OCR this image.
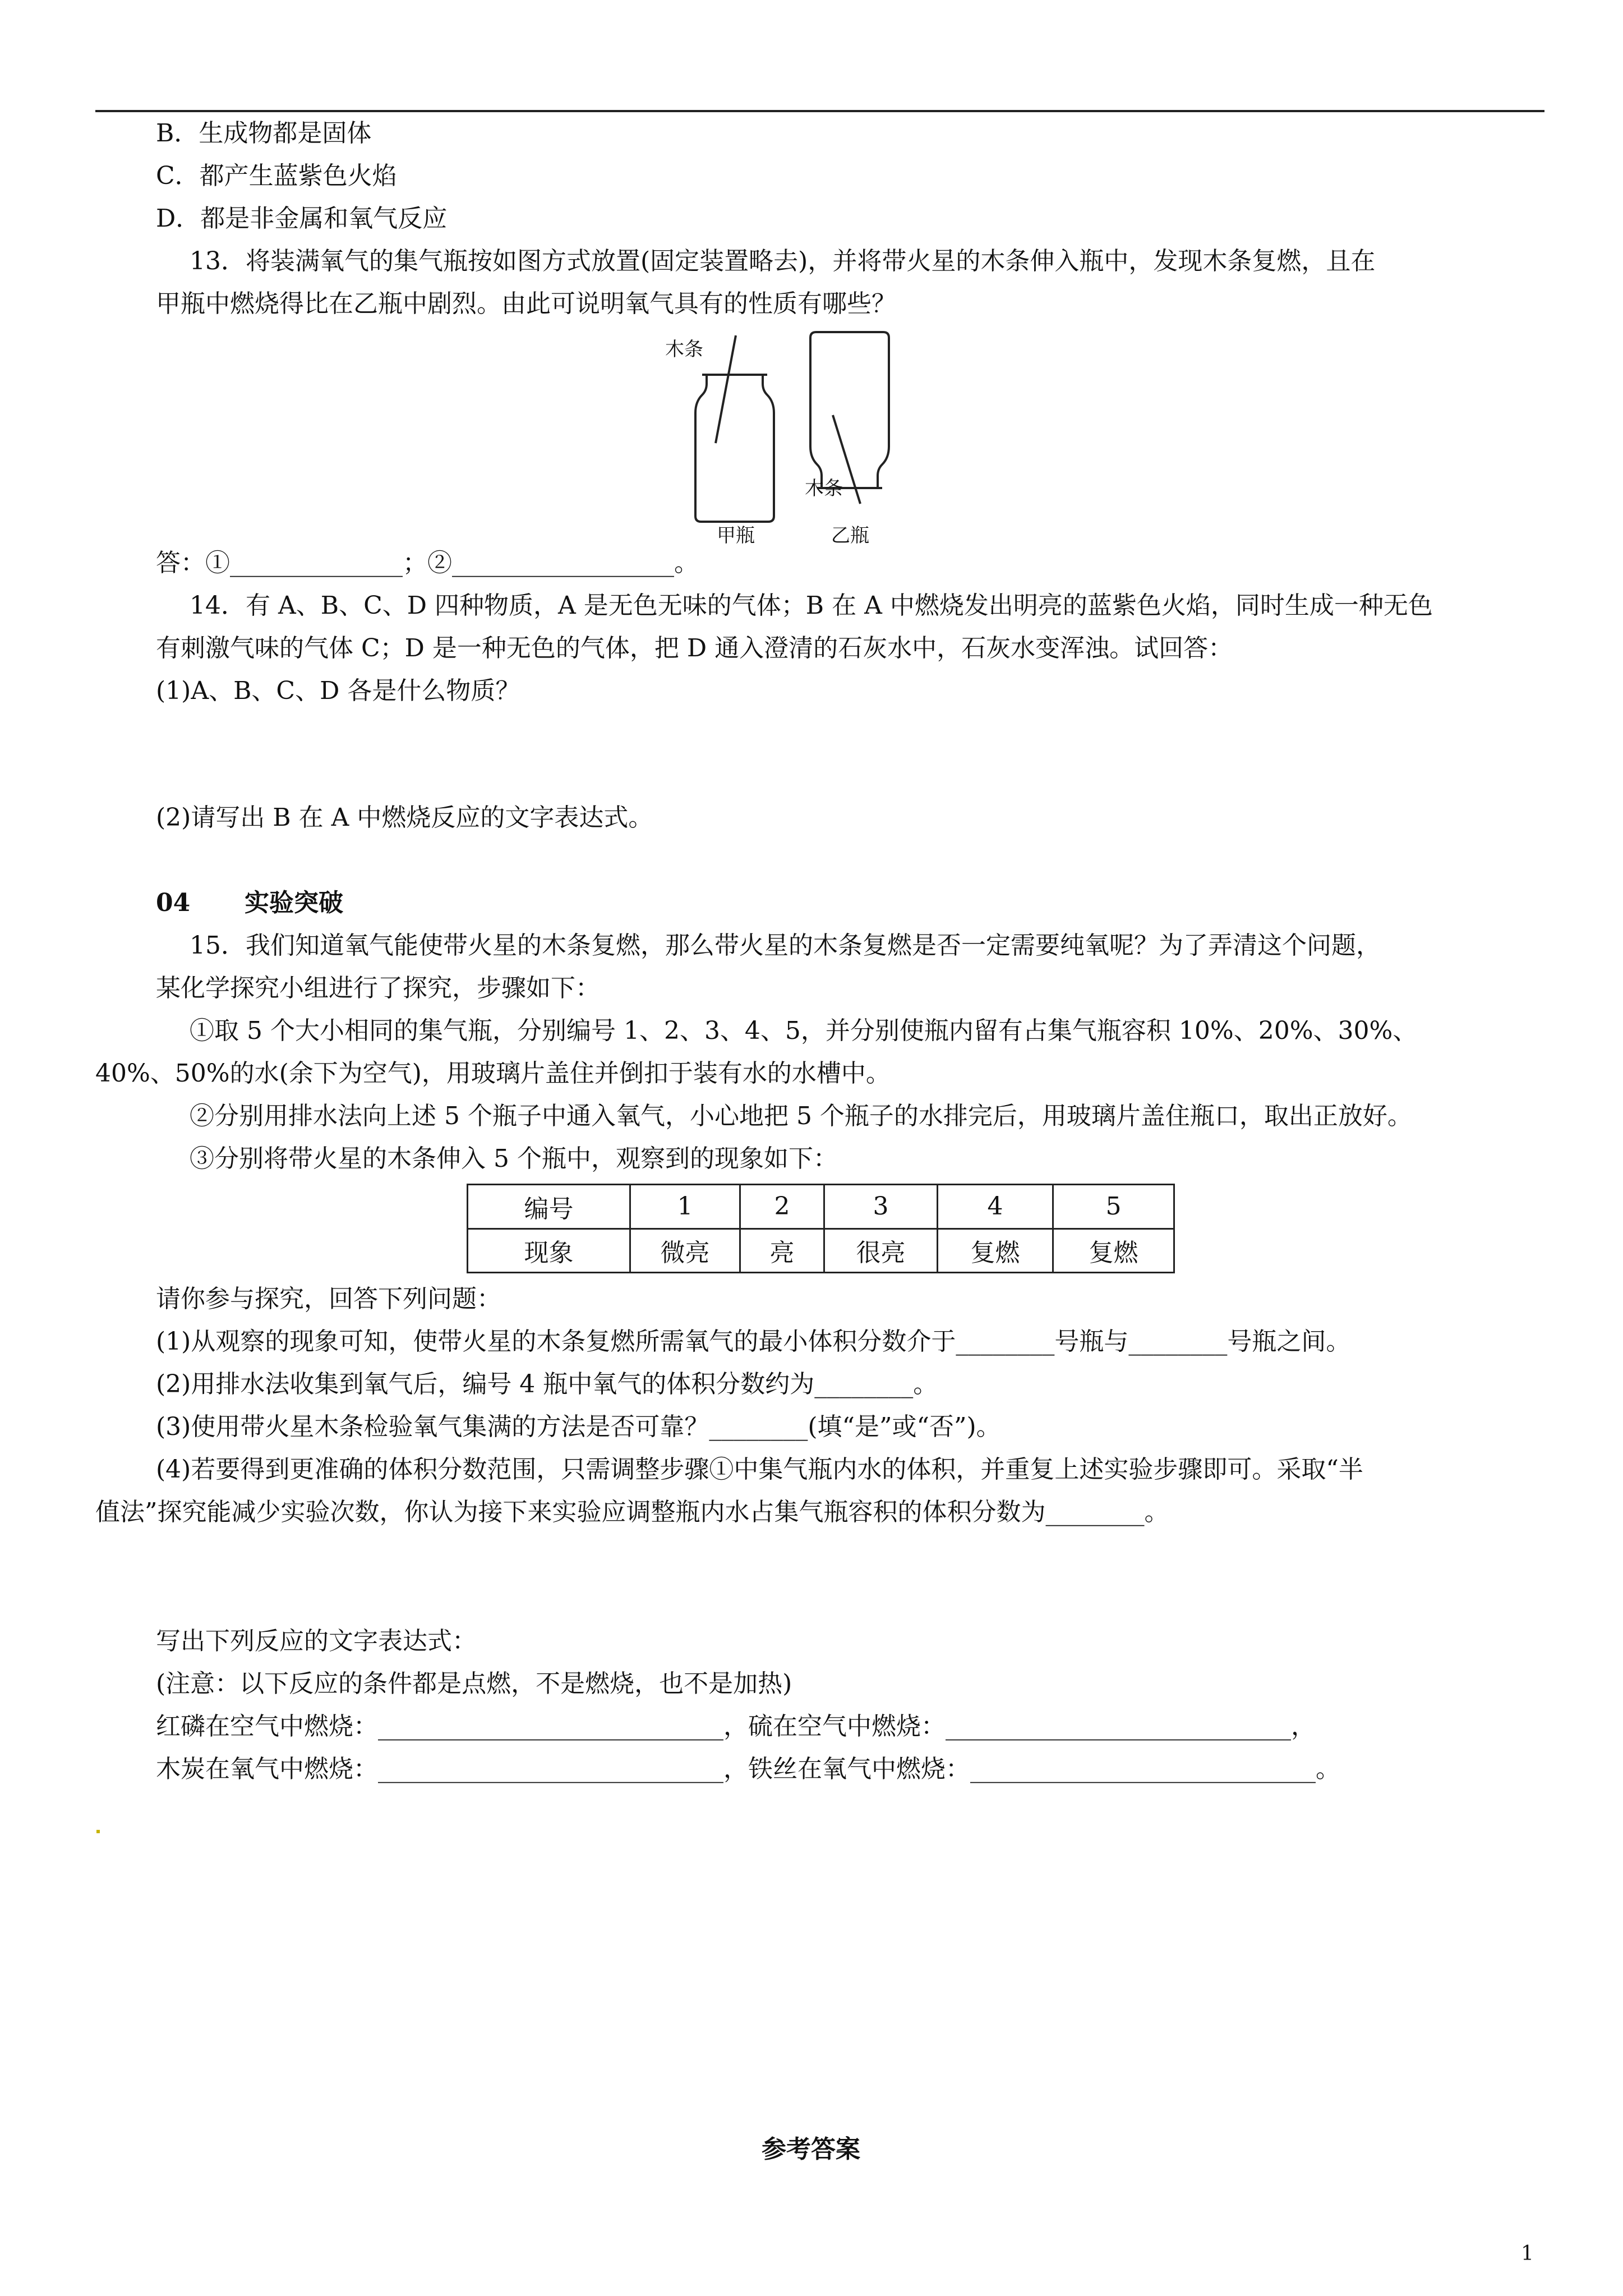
B．生成物都是固体
C．都产生蓝紫色火焰
D．都是非金属和氧气反应
13．将装满氧气的集气瓶按如图方式放置(固定装置略去)，并将带火星的木条伸入瓶中，发现木条复燃，且在
甲瓶中燃烧得比在乙瓶中剧烈。由此可说明氧气具有的性质有哪些？
木条
木条
甲瓶	乙瓶
答：①______________；②__________________。
14．有 A、B、C、D 四种物质，A 是无色无味的气体；B 在 A 中燃烧发出明亮的蓝紫色火焰，同时生成一种无色
有刺激气味的气体 C；D 是一种无色的气体，把 D 通入澄清的石灰水中，石灰水变浑浊。试回答：
(1)A、B、C、D 各是什么物质？
(2)请写出 B 在 A 中燃烧反应的文字表达式。
04 实验突破
15．我们知道氧气能使带火星的木条复燃，那么带火星的木条复燃是否一定需要纯氧呢？为了弄清这个问题，
某化学探究小组进行了探究，步骤如下：
①取 5 个大小相同的集气瓶，分别编号 1、2、3、4、5，并分别使瓶内留有占集气瓶容积 10%、20%、30%、
40%、50%的水(余下为空气)，用玻璃片盖住并倒扣于装有水的水槽中。
②分别用排水法向上述 5 个瓶子中通入氧气，小心地把 5 个瓶子的水排完后，用玻璃片盖住瓶口，取出正放好。
③分别将带火星的木条伸入 5 个瓶中，观察到的现象如下：
编号	1	2	3	4	5
现象	微亮	亮	很亮	复燃	复燃
请你参与探究，回答下列问题：
(1)从观察的现象可知，使带火星的木条复燃所需氧气的最小体积分数介于________号瓶与________号瓶之间。
(2)用排水法收集到氧气后，编号 4 瓶中氧气的体积分数约为________。
(3)使用带火星木条检验氧气集满的方法是否可靠？________(填“是”或“否”)。
(4)若要得到更准确的体积分数范围，只需调整步骤①中集气瓶内水的体积，并重复上述实验步骤即可。采取“半
值法”探究能减少实验次数，你认为接下来实验应调整瓶内水占集气瓶容积的体积分数为________。
写出下列反应的文字表达式：
(注意：以下反应的条件都是点燃，不是燃烧，也不是加热)
红磷在空气中燃烧：____________________________，硫在空气中燃烧：____________________________，
木炭在氧气中燃烧：____________________________，铁丝在氧气中燃烧：____________________________。
参考答案
1
